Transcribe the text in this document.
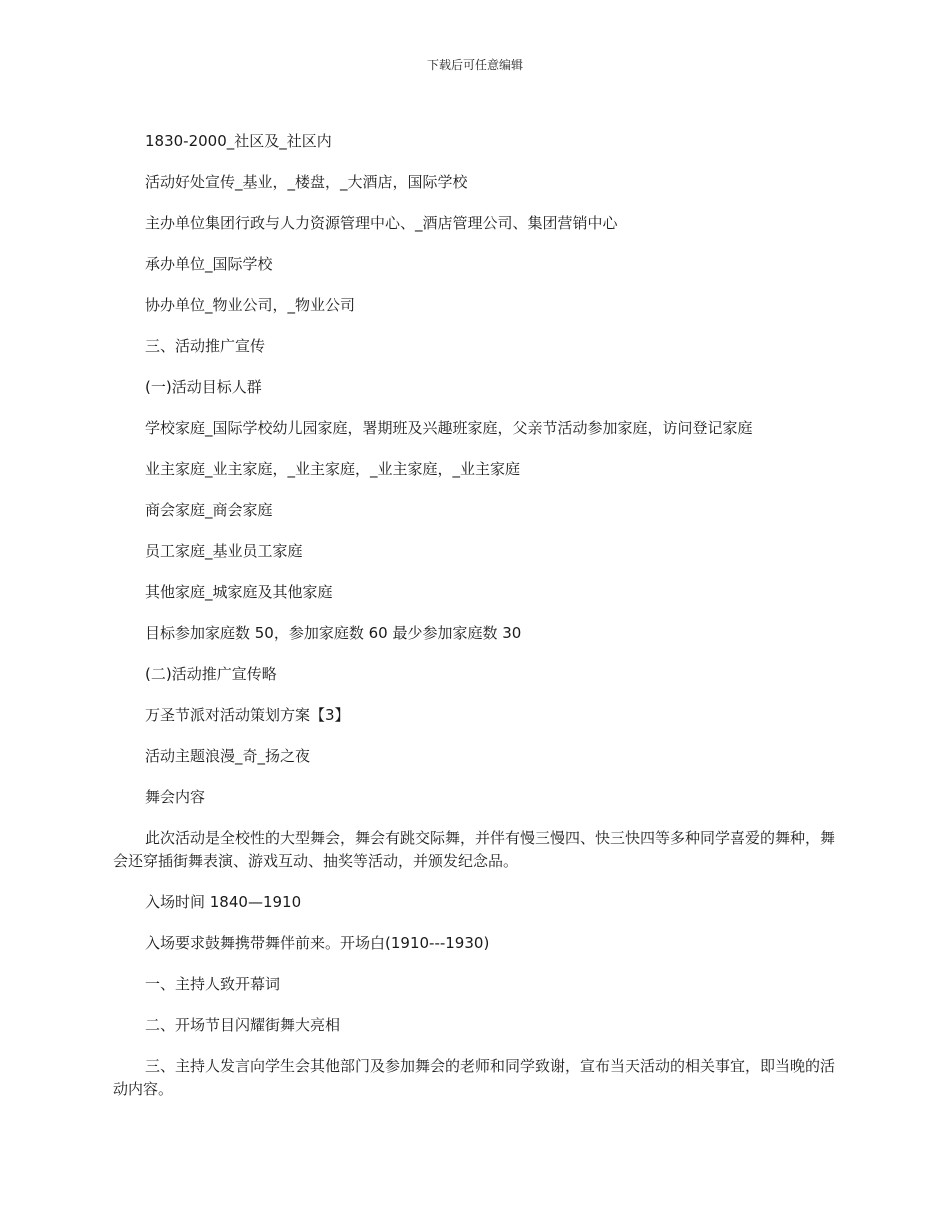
下载后可任意编辑

1830-2000_社区及_社区内

活动好处宣传_基业，_楼盘，_大酒店，国际学校

主办单位集团行政与人力资源管理中心、_酒店管理公司、集团营销中心

承办单位_国际学校

协办单位_物业公司，_物业公司

三、活动推广宣传

(一)活动目标人群

学校家庭_国际学校幼儿园家庭，署期班及兴趣班家庭，父亲节活动参加家庭，访问登记家庭

业主家庭_业主家庭，_业主家庭，_业主家庭，_业主家庭

商会家庭_商会家庭

员工家庭_基业员工家庭

其他家庭_城家庭及其他家庭

目标参加家庭数 50，参加家庭数 60 最少参加家庭数 30

(二)活动推广宣传略

万圣节派对活动策划方案【3】

活动主题浪漫_奇_扬之夜

舞会内容

此次活动是全校性的大型舞会，舞会有跳交际舞，并伴有慢三慢四、快三快四等多种同学喜爱的舞种，舞会还穿插街舞表演、游戏互动、抽奖等活动，并颁发纪念品。

入场时间 1840—1910

入场要求鼓舞携带舞伴前来。开场白(1910---1930)

一、主持人致开幕词

二、开场节目闪耀街舞大亮相

三、主持人发言向学生会其他部门及参加舞会的老师和同学致谢，宣布当天活动的相关事宜，即当晚的活动内容。
